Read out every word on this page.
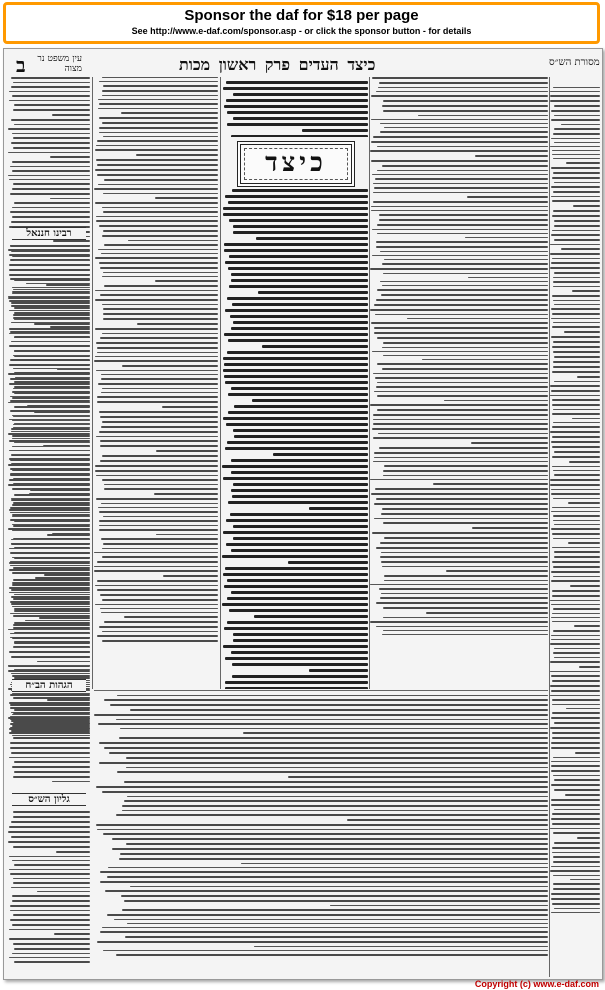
Sponsor the daf for $18 per page
See http://www.e-daf.com/sponsor.asp - or click the sponsor button - for details
ב	עין משפט נר מצוה	כיצד העדים פרק ראשון מכות	מסורת הש״ס
רבינו חננאל
הגהות הב״ח
כיצד
גליון הש״ס
Copyright (c) www.e-daf.com
